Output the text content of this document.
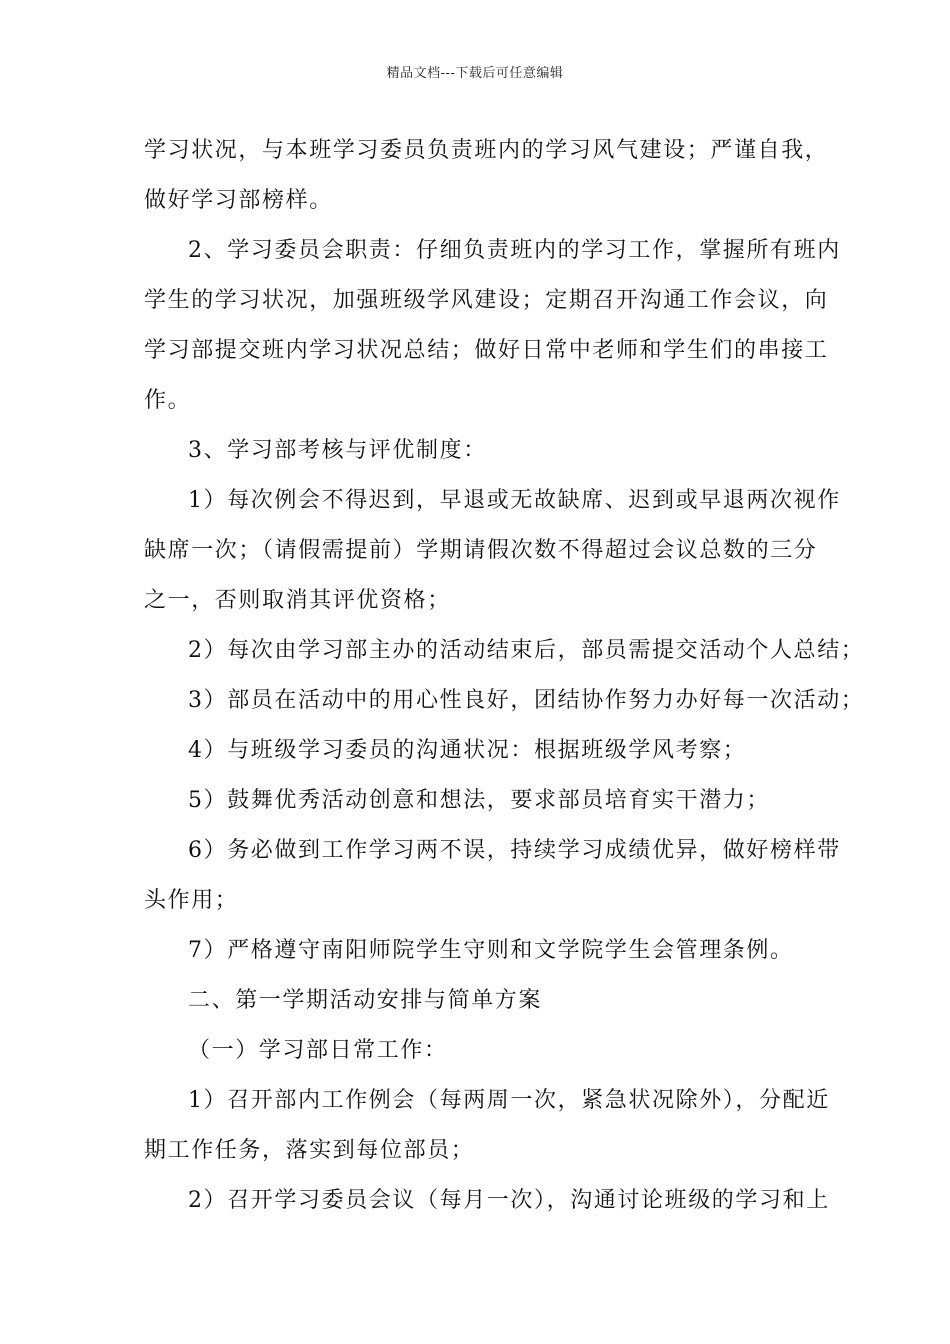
精品文档---下载后可任意编辑
学习状况，与本班学习委员负责班内的学习风气建设；严谨自我，
做好学习部榜样。
2、学习委员会职责：仔细负责班内的学习工作，掌握所有班内
学生的学习状况，加强班级学风建设；定期召开沟通工作会议，向
学习部提交班内学习状况总结；做好日常中老师和学生们的串接工
作。
3、学习部考核与评优制度：
1）每次例会不得迟到，早退或无故缺席、迟到或早退两次视作
缺席一次；（请假需提前）学期请假次数不得超过会议总数的三分
之一，否则取消其评优资格；
2）每次由学习部主办的活动结束后，部员需提交活动个人总结；
3）部员在活动中的用心性良好，团结协作努力办好每一次活动；
4）与班级学习委员的沟通状况：根据班级学风考察；
5）鼓舞优秀活动创意和想法，要求部员培育实干潜力；
6）务必做到工作学习两不误，持续学习成绩优异，做好榜样带
头作用；
7）严格遵守南阳师院学生守则和文学院学生会管理条例。
二、第一学期活动安排与简单方案
（一）学习部日常工作：
1）召开部内工作例会（每两周一次，紧急状况除外），分配近
期工作任务，落实到每位部员；
2）召开学习委员会议（每月一次），沟通讨论班级的学习和上
